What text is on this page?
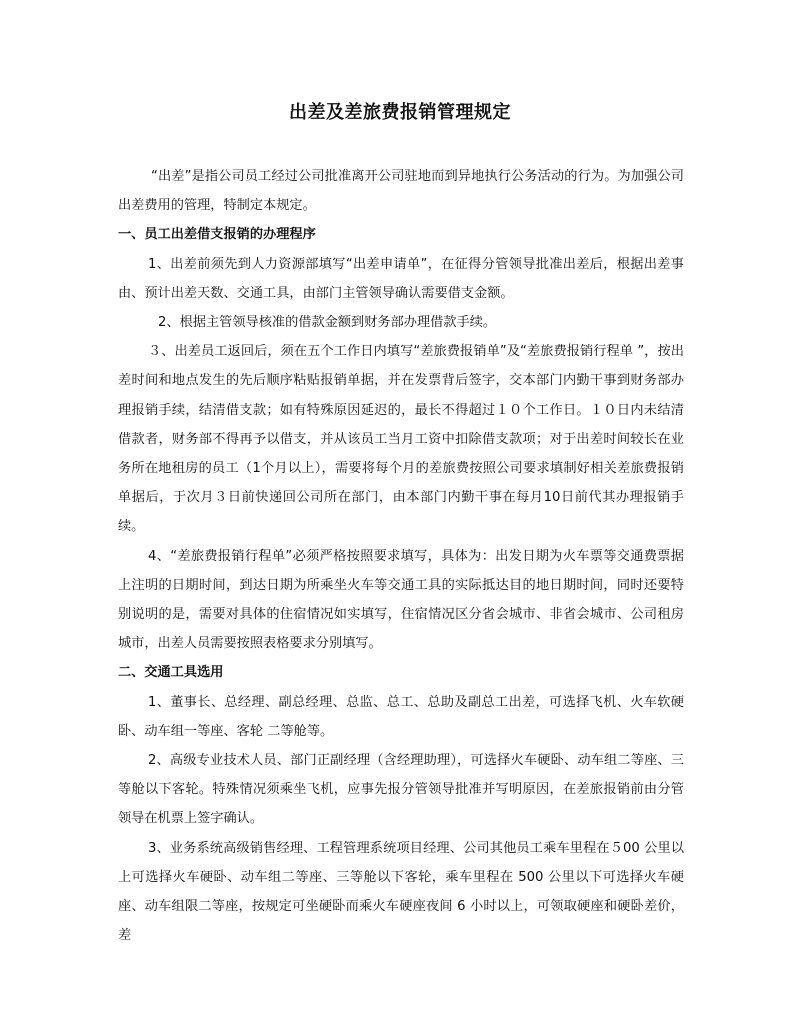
出差及差旅费报销管理规定

“出差”是指公司员工经过公司批准离开公司驻地而到异地执行公务活动的行为。为加强公司出差费用的管理，特制定本规定。

一、员工出差借支报销的办理程序

1、出差前须先到人力资源部填写“出差申请单”，在征得分管领导批准出差后，根据出差事由、预计出差天数、交通工具，由部门主管领导确认需要借支金额。

2、根据主管领导核准的借款金额到财务部办理借款手续。

３、出差员工返回后，须在五个工作日内填写“差旅费报销单”及“差旅费报销行程单 ”，按出差时间和地点发生的先后顺序粘贴报销单据，并在发票背后签字，交本部门内勤干事到财务部办理报销手续，结清借支款；如有特殊原因延迟的，最长不得超过１０个工作日。１０日内未结清借款者，财务部不得再予以借支，并从该员工当月工资中扣除借支款项；对于出差时间较长在业务所在地租房的员工（1个月以上），需要将每个月的差旅费按照公司要求填制好相关差旅费报销单据后，于次月３日前快递回公司所在部门，由本部门内勤干事在每月10日前代其办理报销手续。

4、“差旅费报销行程单”必须严格按照要求填写，具体为：出发日期为火车票等交通费票据上注明的日期时间，到达日期为所乘坐火车等交通工具的实际抵达目的地日期时间，同时还要特别说明的是，需要对具体的住宿情况如实填写，住宿情况区分省会城市、非省会城市、公司租房城市，出差人员需要按照表格要求分别填写。

二、交通工具选用

1、董事长、总经理、副总经理、总监、总工、总助及副总工出差，可选择飞机、火车软硬卧、动车组一等座、客轮 二等舱等。

2、高级专业技术人员、部门正副经理（含经理助理），可选择火车硬卧、动车组二等座、三等舱以下客轮。特殊情况须乘坐飞机，应事先报分管领导批准并写明原因，在差旅报销前由分管领导在机票上签字确认。

3、业务系统高级销售经理、工程管理系统项目经理、公司其他员工乘车里程在５00 公里以上可选择火车硬卧、动车组二等座、三等舱以下客轮，乘车里程在 500 公里以下可选择火车硬座、动车组限二等座，按规定可坐硬卧而乘火车硬座夜间 6 小时以上，可领取硬座和硬卧差价，差
